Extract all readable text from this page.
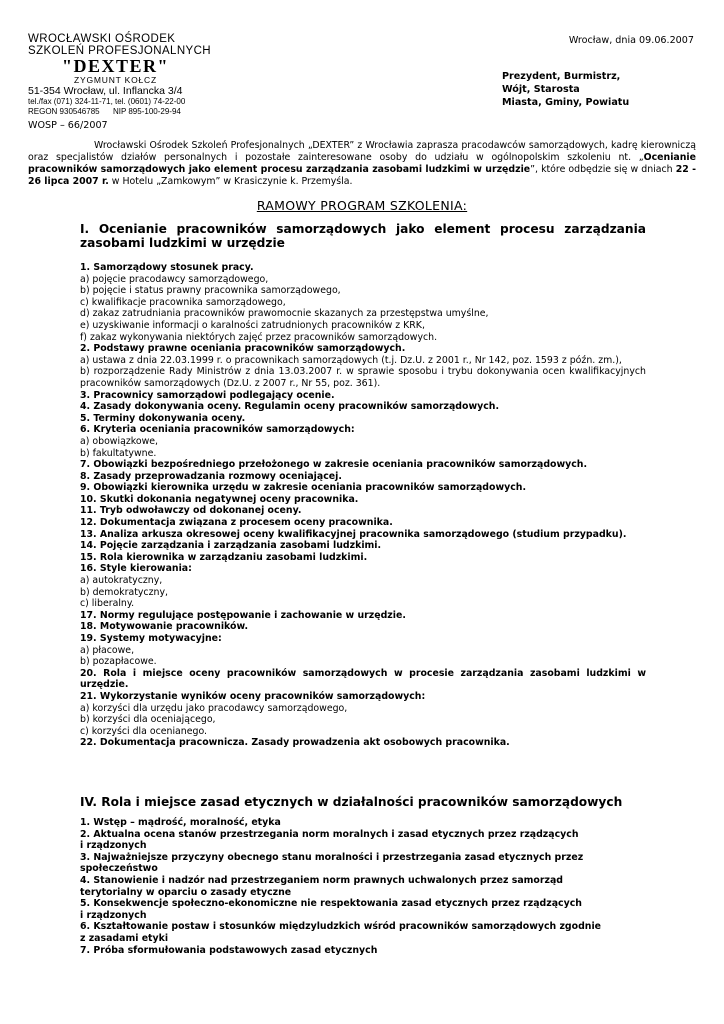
WROCŁAWSKI OŚRODEK
SZKOLEŃ PROFESJONALNYCH
"DEXTER"
ZYGMUNT KOŁCZ
51-354 Wrocław, ul. Inflancka 3/4
tel./fax (071) 324-11-71, tel. (0601) 74-22-00
REGON 930546785      NIP 895-100-29-94
Wrocław, dnia 09.06.2007
Prezydent, Burmistrz,
Wójt, Starosta
Miasta, Gminy, Powiatu
WOSP – 66/2007

Wrocławski Ośrodek Szkoleń Profesjonalnych „DEXTER” z Wrocławia zaprasza pracodawców samorządowych, kadrę kierowniczą oraz specjalistów działów personalnych i pozostałe zainteresowane osoby do udziału w ogólnopolskim szkoleniu nt. „Ocenianie pracowników samorządowych jako element procesu zarządzania zasobami ludzkimi w urzędzie”, które odbędzie się w dniach 22 - 26 lipca 2007 r. w Hotelu „Zamkowym” w Krasiczynie k. Przemyśla.

RAMOWY PROGRAM SZKOLENIA:
I. Ocenianie pracowników samorządowych jako element procesu zarządzania zasobami ludzkimi w urzędzie
1. Samorządowy stosunek pracy.
a) pojęcie pracodawcy samorządowego,
b) pojęcie i status prawny pracownika samorządowego,
c) kwalifikacje pracownika samorządowego,
d) zakaz zatrudniania pracowników prawomocnie skazanych za przestępstwa umyślne,
e) uzyskiwanie informacji o karalności zatrudnionych pracowników z KRK,
f) zakaz wykonywania niektórych zajęć przez pracowników samorządowych.
2. Podstawy prawne oceniania pracowników samorządowych.
a) ustawa z dnia 22.03.1999 r. o pracownikach samorządowych (t.j. Dz.U. z 2001 r., Nr 142, poz. 1593 z późn. zm.),
b) rozporządzenie Rady Ministrów z dnia 13.03.2007 r. w sprawie sposobu i trybu dokonywania ocen kwalifikacyjnych pracowników samorządowych (Dz.U. z 2007 r., Nr 55, poz. 361).
3. Pracownicy samorządowi podlegający ocenie.
4. Zasady dokonywania oceny. Regulamin oceny pracowników samorządowych.
5. Terminy dokonywania oceny.
6. Kryteria oceniania pracowników samorządowych:
a) obowiązkowe,
b) fakultatywne.
7. Obowiązki bezpośredniego przełożonego w zakresie oceniania pracowników samorządowych.
8. Zasady przeprowadzania rozmowy oceniającej.
9. Obowiązki kierownika urzędu w zakresie oceniania pracowników samorządowych.
10. Skutki dokonania negatywnej oceny pracownika.
11. Tryb odwoławczy od dokonanej oceny.
12. Dokumentacja związana z procesem oceny pracownika.
13. Analiza arkusza okresowej oceny kwalifikacyjnej pracownika samorządowego (studium przypadku).
14. Pojęcie zarządzania i zarządzania zasobami ludzkimi.
15. Rola kierownika w zarządzaniu zasobami ludzkimi.
16. Style kierowania:
a) autokratyczny,
b) demokratyczny,
c) liberalny.
17. Normy regulujące postępowanie i zachowanie w urzędzie.
18. Motywowanie pracowników.
19. Systemy motywacyjne:
a) płacowe,
b) pozapłacowe.
20. Rola i miejsce oceny pracowników samorządowych w procesie zarządzania zasobami ludzkimi w urzędzie.
21. Wykorzystanie wyników oceny pracowników samorządowych:
a) korzyści dla urzędu jako pracodawcy samorządowego,
b) korzyści dla oceniającego,
c) korzyści dla ocenianego.
22. Dokumentacja pracownicza. Zasady prowadzenia akt osobowych pracownika.
IV. Rola i miejsce zasad etycznych w działalności pracowników samorządowych
1. Wstęp – mądrość, moralność, etyka
2. Aktualna ocena stanów przestrzegania norm moralnych i zasad etycznych przez rządzących
i rządzonych
3. Najważniejsze przyczyny obecnego stanu moralności i przestrzegania zasad etycznych przez
społeczeństwo
4. Stanowienie i nadzór nad przestrzeganiem norm prawnych uchwalonych przez samorząd
terytorialny w oparciu o zasady etyczne
5. Konsekwencje społeczno-ekonomiczne nie respektowania zasad etycznych przez rządzących
i rządzonych
6. Kształtowanie postaw i stosunków międzyludzkich wśród pracowników samorządowych zgodnie
z zasadami etyki
7. Próba sformułowania podstawowych zasad etycznych
